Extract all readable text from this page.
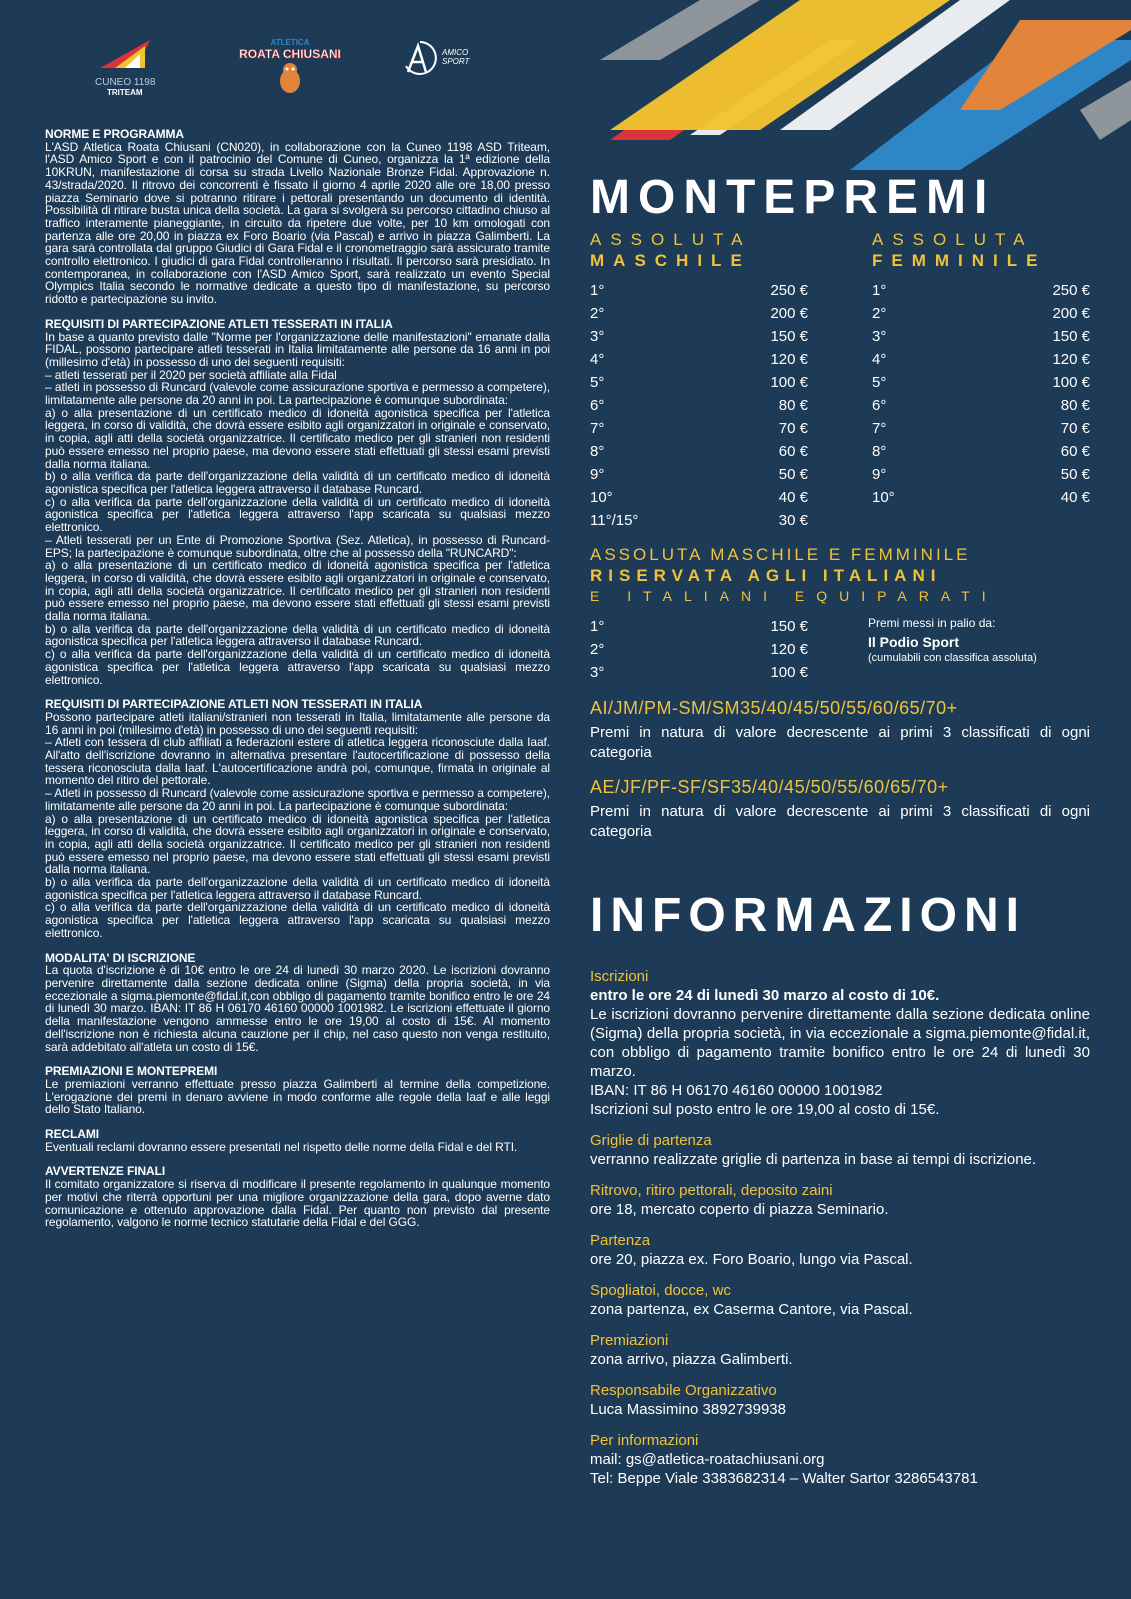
CUNEO 1198
TRITEAM
ATLETICA
ROATA CHIUSANI	AMICO
SPORT
NORME E PROGRAMMA

L'ASD Atletica Roata Chiusani (CN020), in collaborazione con la Cuneo 1198 ASD Triteam, l'ASD Amico Sport e con il patrocinio del Comune di Cuneo, organizza la 1ª edizione della 10KRUN, manifestazione di corsa su strada Livello Nazionale Bronze Fidal. Approvazione n. 43/strada/2020. Il ritrovo dei concorrenti è fissato il giorno 4 aprile 2020 alle ore 18,00 presso piazza Seminario dove si potranno ritirare i pettorali presentando un documento di identità. Possibilità di ritirare busta unica della società. La gara si svolgerà su percorso cittadino chiuso al traffico interamente pianeggiante, in circuito da ripetere due volte, per 10 km omologati con partenza alle ore 20,00 in piazza ex Foro Boario (via Pascal) e arrivo in piazza Galimberti. La gara sarà controllata dal gruppo Giudici di Gara Fidal e il cronometraggio sarà assicurato tramite controllo elettronico. I giudici di gara Fidal controlleranno i risultati. Il percorso sarà presidiato. In contemporanea, in collaborazione con l'ASD Amico Sport, sarà realizzato un evento Special Olympics Italia secondo le normative dedicate a questo tipo di manifestazione, su percorso ridotto e partecipazione su invito.

REQUISITI DI PARTECIPAZIONE ATLETI TESSERATI IN ITALIA

In base a quanto previsto dalle "Norme per l'organizzazione delle manifestazioni" emanate dalla FIDAL, possono partecipare atleti tesserati in Italia limitatamente alle persone da 16 anni in poi (millesimo d'età) in possesso di uno dei seguenti requisiti:
– atleti tesserati per il 2020 per società affiliate alla Fidal
– atleti in possesso di Runcard (valevole come assicurazione sportiva e permesso a competere), limitatamente alle persone da 20 anni in poi. La partecipazione è comunque subordinata:
a) o alla presentazione di un certificato medico di idoneità agonistica specifica per l'atletica leggera, in corso di validità, che dovrà essere esibito agli organizzatori in originale e conservato, in copia, agli atti della società organizzatrice. Il certificato medico per gli stranieri non residenti può essere emesso nel proprio paese, ma devono essere stati effettuati gli stessi esami previsti dalla norma italiana.
b) o alla verifica da parte dell'organizzazione della validità di un certificato medico di idoneità agonistica specifica per l'atletica leggera attraverso il database Runcard.
c) o alla verifica da parte dell'organizzazione della validità di un certificato medico di idoneità agonistica specifica per l'atletica leggera attraverso l'app scaricata su qualsiasi mezzo elettronico.
– Atleti tesserati per un Ente di Promozione Sportiva (Sez. Atletica), in possesso di Runcard-EPS; la partecipazione è comunque subordinata, oltre che al possesso della "RUNCARD":
a) o alla presentazione di un certificato medico di idoneità agonistica specifica per l'atletica leggera, in corso di validità, che dovrà essere esibito agli organizzatori in originale e conservato, in copia, agli atti della società organizzatrice. Il certificato medico per gli stranieri non residenti può essere emesso nel proprio paese, ma devono essere stati effettuati gli stessi esami previsti dalla norma italiana.
b) o alla verifica da parte dell'organizzazione della validità di un certificato medico di idoneità agonistica specifica per l'atletica leggera attraverso il database Runcard.
c) o alla verifica da parte dell'organizzazione della validità di un certificato medico di idoneità agonistica specifica per l'atletica leggera attraverso l'app scaricata su qualsiasi mezzo elettronico.

REQUISITI DI PARTECIPAZIONE ATLETI NON TESSERATI IN ITALIA

Possono partecipare atleti italiani/stranieri non tesserati in Italia, limitatamente alle persone da 16 anni in poi (millesimo d'età) in possesso di uno dei seguenti requisiti:
– Atleti con tessera di club affiliati a federazioni estere di atletica leggera riconosciute dalla Iaaf. All'atto dell'iscrizione dovranno in alternativa presentare l'autocertificazione di possesso della tessera riconosciuta dalla Iaaf. L'autocertificazione andrà poi, comunque, firmata in originale al momento del ritiro del pettorale.
– Atleti in possesso di Runcard (valevole come assicurazione sportiva e permesso a competere), limitatamente alle persone da 20 anni in poi. La partecipazione è comunque subordinata:
a) o alla presentazione di un certificato medico di idoneità agonistica specifica per l'atletica leggera, in corso di validità, che dovrà essere esibito agli organizzatori in originale e conservato, in copia, agli atti della società organizzatrice. Il certificato medico per gli stranieri non residenti può essere emesso nel proprio paese, ma devono essere stati effettuati gli stessi esami previsti dalla norma italiana.
b) o alla verifica da parte dell'organizzazione della validità di un certificato medico di idoneità agonistica specifica per l'atletica leggera attraverso il database Runcard.
c) o alla verifica da parte dell'organizzazione della validità di un certificato medico di idoneità agonistica specifica per l'atletica leggera attraverso l'app scaricata su qualsiasi mezzo elettronico.

MODALITA' DI ISCRIZIONE

La quota d'iscrizione è di 10€ entro le ore 24 di lunedì 30 marzo 2020. Le iscrizioni dovranno pervenire direttamente dalla sezione dedicata online (Sigma) della propria società, in via eccezionale a sigma.piemonte@fidal.it,con obbligo di pagamento tramite bonifico entro le ore 24 di lunedì 30 marzo. IBAN: IT 86 H 06170 46160 00000 1001982. Le iscrizioni effettuate il giorno della manifestazione vengono ammesse entro le ore 19,00 al costo di 15€. Al momento dell'iscrizione non è richiesta alcuna cauzione per il chip, nel caso questo non venga restituito, sarà addebitato all'atleta un costo di 15€.

PREMIAZIONI E MONTEPREMI

Le premiazioni verranno effettuate presso piazza Galimberti al termine della competizione. L'erogazione dei premi in denaro avviene in modo conforme alle regole della Iaaf e alle leggi dello Stato Italiano.

RECLAMI

Eventuali reclami dovranno essere presentati nel rispetto delle norme della Fidal e del RTI.

AVVERTENZE FINALI

Il comitato organizzatore si riserva di modificare il presente regolamento in qualunque momento per motivi che riterrà opportuni per una migliore organizzazione della gara, dopo averne dato comunicazione e ottenuto approvazione dalla Fidal. Per quanto non previsto dal presente regolamento, valgono le norme tecnico statutarie della Fidal e del GGG.

MONTEPREMI
ASSOLUTA
MASCHILE
1°	250 €
2°	200 €
3°	150 €
4°	120 €
5°	100 €
6°	80 €
7°	70 €
8°	60 €
9°	50 €
10°	40 €
11°/15°	30 €
ASSOLUTA
FEMMINILE
1°	250 €
2°	200 €
3°	150 €
4°	120 €
5°	100 €
6°	80 €
7°	70 €
8°	60 €
9°	50 €
10°	40 €
ASSOLUTA MASCHILE E FEMMINILE
RISERVATA AGLI ITALIANI
E ITALIANI EQUIPARATI
1°	150 €
2°	120 €
3°	100 €
Premi messi in palio da:
Il Podio Sport
(cumulabili con classifica assoluta)
AI/JM/PM-SM/SM35/40/45/50/55/60/65/70+
Premi in natura di valore decrescente ai primi 3 classificati di ogni categoria
AE/JF/PF-SF/SF35/40/45/50/55/60/65/70+
Premi in natura di valore decrescente ai primi 3 classificati di ogni categoria
INFORMAZIONI
Iscrizioni
entro le ore 24 di lunedì 30 marzo al costo di 10€.
Le iscrizioni dovranno pervenire direttamente dalla sezione dedicata online (Sigma) della propria società, in via eccezionale a sigma.piemonte@fidal.it, con obbligo di pagamento tramite bonifico entro le ore 24 di lunedì 30 marzo.
IBAN: IT 86 H 06170 46160 00000 1001982
Iscrizioni sul posto entro le ore 19,00 al costo di 15€.
Griglie di partenza
verranno realizzate griglie di partenza in base ai tempi di iscrizione.
Ritrovo, ritiro pettorali, deposito zaini
ore 18, mercato coperto di piazza Seminario.
Partenza
ore 20, piazza ex. Foro Boario, lungo via Pascal.
Spogliatoi, docce, wc
zona partenza, ex Caserma Cantore, via Pascal.
Premiazioni
zona arrivo, piazza Galimberti.
Responsabile Organizzativo
Luca Massimino 3892739938
Per informazioni
mail: gs@atletica-roatachiusani.org
Tel: Beppe Viale 3383682314 – Walter Sartor 3286543781
